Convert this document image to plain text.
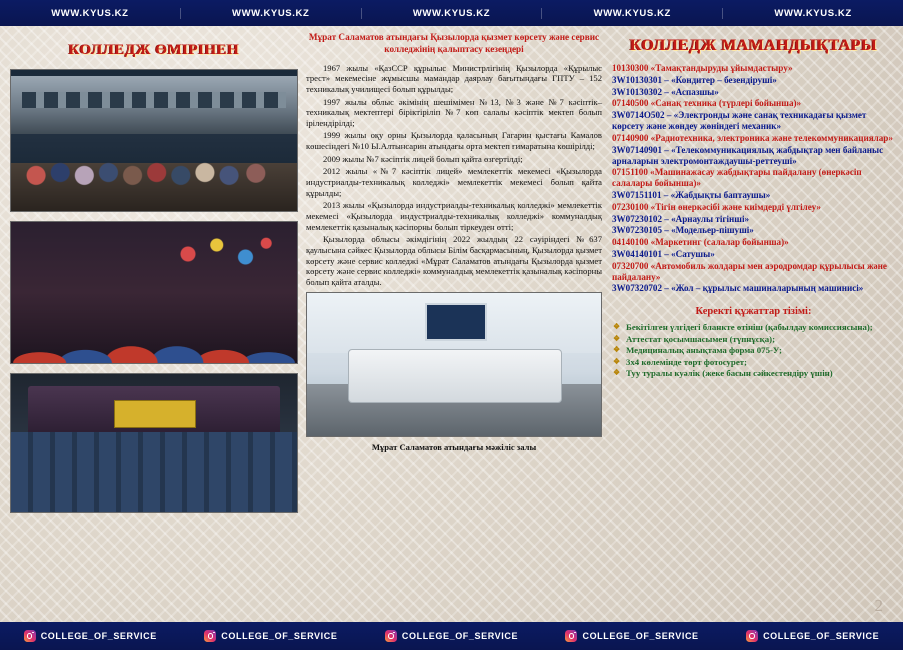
WWW.KYUS.KZ	WWW.KYUS.KZ	WWW.KYUS.KZ	WWW.KYUS.KZ	WWW.KYUS.KZ
КОЛЛЕДЖ ӨМІРІНЕН
Мұрат Саламатов атындағы Қызылорда қызмет көрсету және сервис колледжінің қалыптасу кезеңдері

1967 жылы «ҚазССР құрылыс Министрлігінің Қызылорда «Құрылыс трест» мекемесіне жұмысшы мамандар даярлау бағытындағы ГПТУ – 152 техникалық училищесі болып құрылды;

1997 жылы облыс әкімінің шешімімен №13, №3 және №7 кәсіптік–техникалық мектептері біріктіріліп №7 көп салалы кәсіптік мектеп болып ірілендірілді;

1999 жылы оқу орны Қызылорда қаласының Гагарин қыстағы Камалов көшесіндегі №10 Ы.Алтынсарин атындағы орта мектеп ғимаратына көшірілді;

2009 жылы №7 кәсіптік лицей болып қайта өзгертілді;

2012 жылы «№7 кәсіптік лицей» мемлекеттік мекемесі «Қызылорда индустриалды-техникалық колледжі» мемлекеттік мекемесі болып қайта құрылды;

2013 жылы «Қызылорда индустриалды-техникалық колледжі» мемлекеттік мекемесі «Қызылорда индустриалды-техникалық колледжі» коммуналдық мемлекеттік қазыналық кәсіпорны болып тіркеуден өтті;

Қызылорда облысы әкімдігінің 2022 жылдың 22 сәуіріндегі №637 қаулысына сәйкес Қызылорда облысы Білім басқармасының, Қызылорда қызмет көрсету және сервис колледжі «Мұрат Саламатов атындағы Қызылорда қызмет көрсету және сервис колледжі» коммуналдық мемлекеттік қазыналық кәсіпорны болып қайта аталды.

Мұрат Саламатов атындағы мәжіліс залы
КОЛЛЕДЖ МАМАНДЫҚТАРЫ
10130300 «Тамақтандыруды ұйымдастыру»
3W10130301 – «Кондитер – безендіруші»
3W10130302 – «Аспазшы»
07140500 «Санақ техника (түрлері бойынша)»
3W0714O502 – «Электронды және санақ техникадағы қызмет көрсету және жөндеу жөніндегі механик»
07140900 «Радиотехника, электроника және телекоммуникациялар»
3W07140901 – «Телекоммуникациялық жабдықтар мен байланыс арналарын электромонтаждаушы-реттеуші»
07151100 «Машинажасау жабдықтары пайдалану (өнеркәсіп салалары бойынша)»
3W07151101 – «Жабдықты баптаушы»
07230100 «Тігін өнеркәсібі және киімдерді үлгілеу»
3W07230102 – «Арнаулы тігінші»
3W07230105 – «Модельер-пішуші»
04140100 «Маркетинг (салалар бойынша)»
3W04140101 – «Сатушы»
07320700 «Автомобиль жолдары мен аэродромдар құрылысы және пайдалану»
3W07320702 – «Жол – құрылыс машиналарының машинисі»
Керекті құжаттар тізімі:
❖ Бекітілген үлгідегі бланкте өтініш (қабылдау комиссиясына);
❖ Аттестат қосымшасымен (түпнұсқа);
❖ Медициналық анықтама форма 075-У;
❖ 3х4 көлемінде төрт фотосурет;
❖ Туу туралы куәлік (жеке басын сәйкестендіру үшін)
2
COLLEGE_OF_SERVICE	COLLEGE_OF_SERVICE	COLLEGE_OF_SERVICE	COLLEGE_OF_SERVICE	COLLEGE_OF_SERVICE
